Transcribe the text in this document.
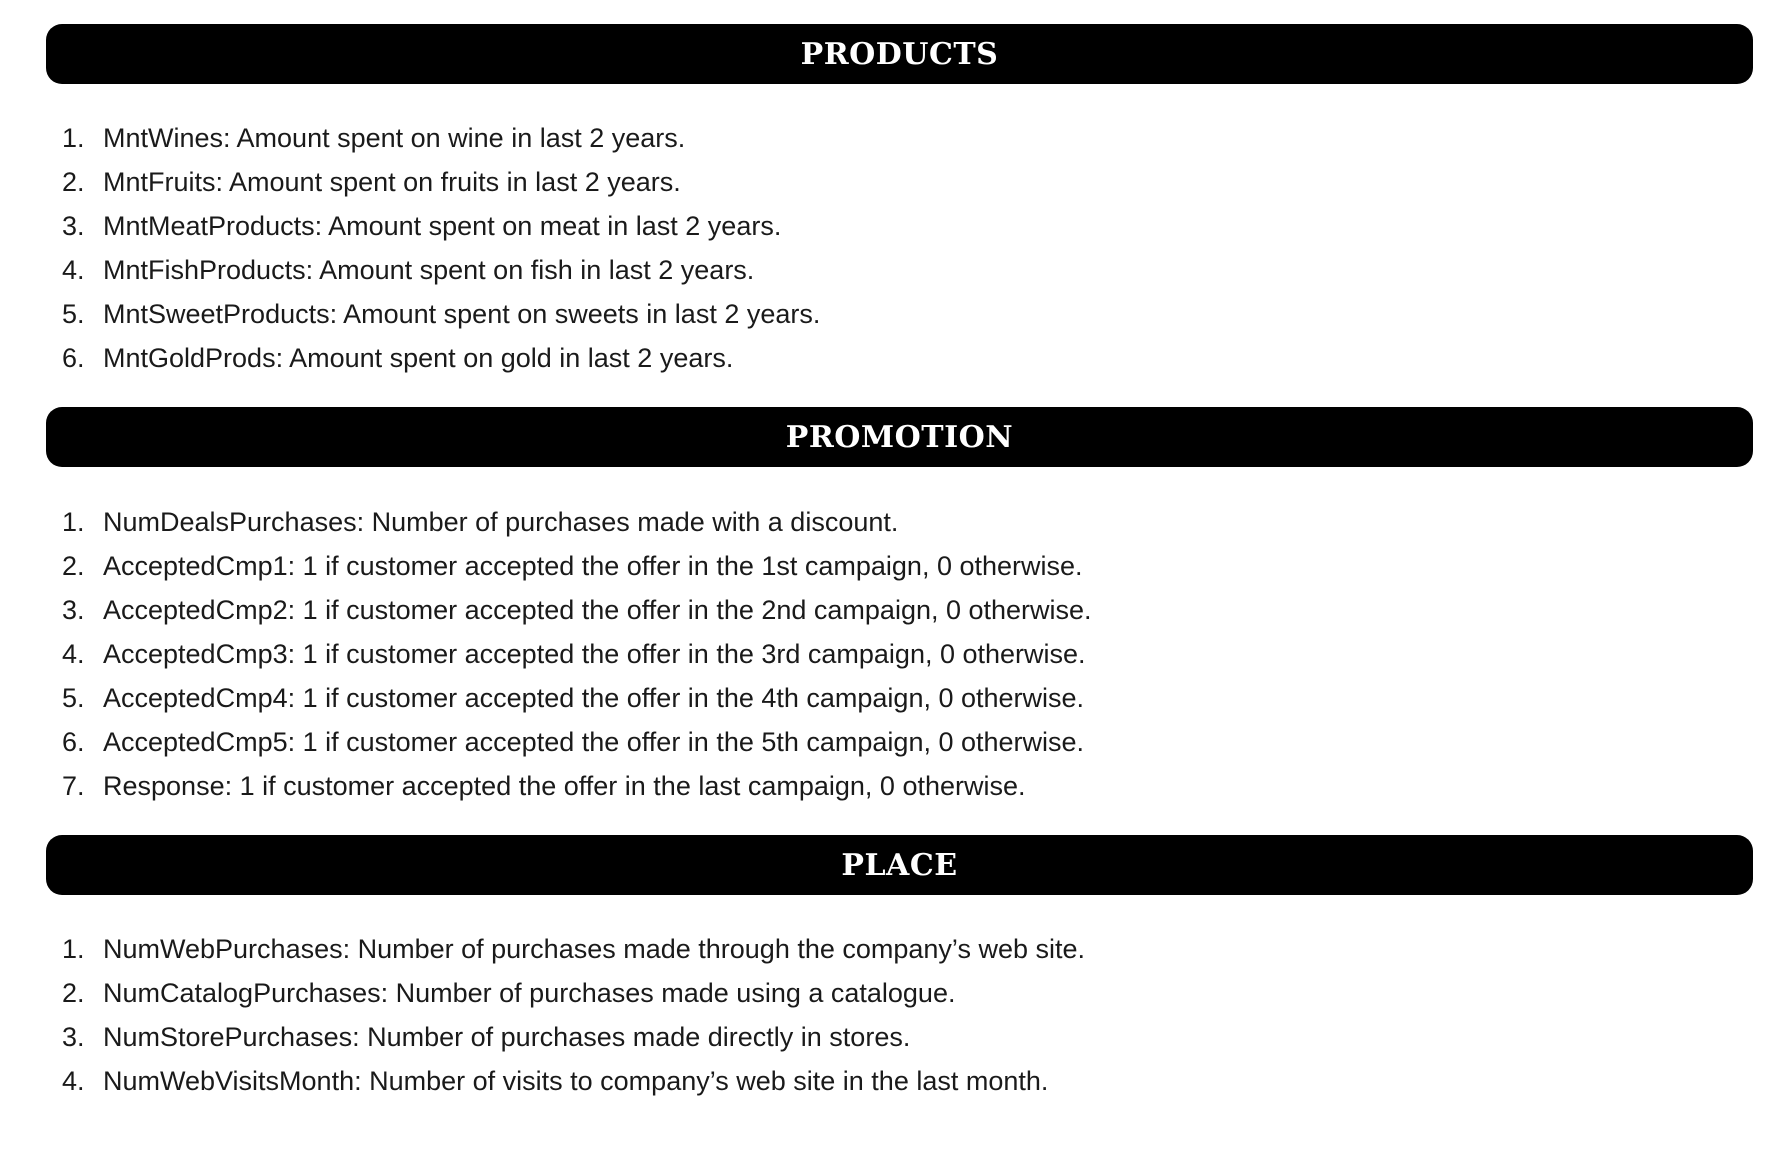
PRODUCTS
1. MntWines: Amount spent on wine in last 2 years.
2. MntFruits: Amount spent on fruits in last 2 years.
3. MntMeatProducts: Amount spent on meat in last 2 years.
4. MntFishProducts: Amount spent on fish in last 2 years.
5. MntSweetProducts: Amount spent on sweets in last 2 years.
6. MntGoldProds: Amount spent on gold in last 2 years.
PROMOTION
1. NumDealsPurchases: Number of purchases made with a discount.
2. AcceptedCmp1: 1 if customer accepted the offer in the 1st campaign, 0 otherwise.
3. AcceptedCmp2: 1 if customer accepted the offer in the 2nd campaign, 0 otherwise.
4. AcceptedCmp3: 1 if customer accepted the offer in the 3rd campaign, 0 otherwise.
5. AcceptedCmp4: 1 if customer accepted the offer in the 4th campaign, 0 otherwise.
6. AcceptedCmp5: 1 if customer accepted the offer in the 5th campaign, 0 otherwise.
7. Response: 1 if customer accepted the offer in the last campaign, 0 otherwise.
PLACE
1. NumWebPurchases: Number of purchases made through the company’s web site.
2. NumCatalogPurchases: Number of purchases made using a catalogue.
3. NumStorePurchases: Number of purchases made directly in stores.
4. NumWebVisitsMonth: Number of visits to company’s web site in the last month.
